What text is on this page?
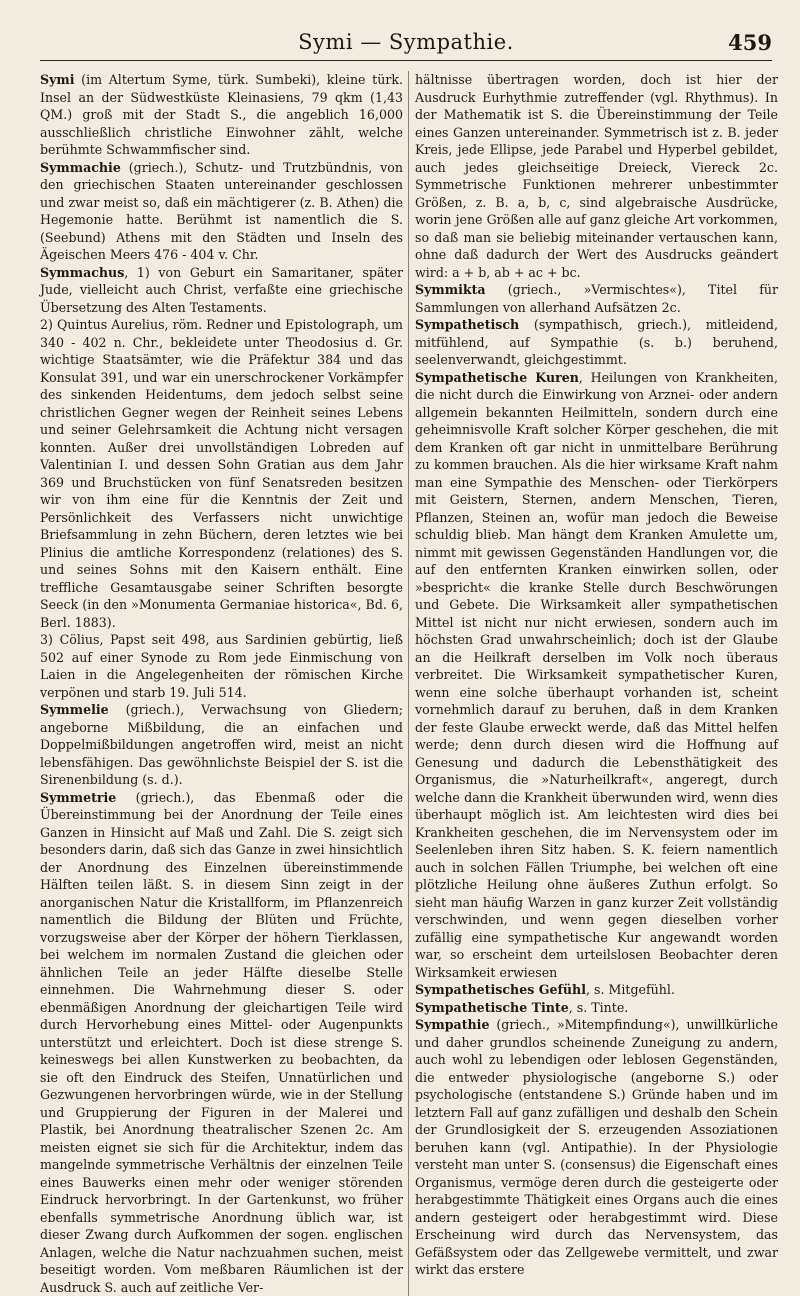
Symi — Sympathie.	459

Symi (im Altertum Syme, türk. Sumbeki), kleine türk. Insel an der Südwestküste Kleinasiens, 79 qkm (1,43 QM.) groß mit der Stadt S., die angeblich 16,000 ausschließlich christliche Einwohner zählt, welche berühmte Schwammfischer sind.

Symmachie (griech.), Schutz- und Trutzbündnis, von den griechischen Staaten untereinander geschlossen und zwar meist so, daß ein mächtigerer (z. B. Athen) die Hegemonie hatte. Berühmt ist namentlich die S. (Seebund) Athens mit den Städten und Inseln des Ägeischen Meers 476 - 404 v. Chr.

Symmachus, 1) von Geburt ein Samaritaner, später Jude, vielleicht auch Christ, verfaßte eine griechische Übersetzung des Alten Testaments.

2) Quintus Aurelius, röm. Redner und Epistolograph, um 340 - 402 n. Chr., bekleidete unter Theodosius d. Gr. wichtige Staatsämter, wie die Präfektur 384 und das Konsulat 391, und war ein unerschrockener Vorkämpfer des sinkenden Heidentums, dem jedoch selbst seine christlichen Gegner wegen der Reinheit seines Lebens und seiner Gelehrsamkeit die Achtung nicht versagen konnten. Außer drei unvollständigen Lobreden auf Valentinian I. und dessen Sohn Gratian aus dem Jahr 369 und Bruchstücken von fünf Senatsreden besitzen wir von ihm eine für die Kenntnis der Zeit und Persönlichkeit des Verfassers nicht unwichtige Briefsammlung in zehn Büchern, deren letztes wie bei Plinius die amtliche Korrespondenz (relationes) des S. und seines Sohns mit den Kaisern enthält. Eine treffliche Gesamtausgabe seiner Schriften besorgte Seeck (in den »Monumenta Germaniae historica«, Bd. 6, Berl. 1883).

3) Cölius, Papst seit 498, aus Sardinien gebürtig, ließ 502 auf einer Synode zu Rom jede Einmischung von Laien in die Angelegenheiten der römischen Kirche verpönen und starb 19. Juli 514.

Symmelie (griech.), Verwachsung von Gliedern; angeborne Mißbildung, die an einfachen und Doppelmißbildungen angetroffen wird, meist an nicht lebensfähigen. Das gewöhnlichste Beispiel der S. ist die Sirenenbildung (s. d.).

Symmetrie (griech.), das Ebenmaß oder die Übereinstimmung bei der Anordnung der Teile eines Ganzen in Hinsicht auf Maß und Zahl. Die S. zeigt sich besonders darin, daß sich das Ganze in zwei hinsichtlich der Anordnung des Einzelnen übereinstimmende Hälften teilen läßt. S. in diesem Sinn zeigt in der anorganischen Natur die Kristallform, im Pflanzenreich namentlich die Bildung der Blüten und Früchte, vorzugsweise aber der Körper der höhern Tierklassen, bei welchem im normalen Zustand die gleichen oder ähnlichen Teile an jeder Hälfte dieselbe Stelle einnehmen. Die Wahrnehmung dieser S. oder ebenmäßigen Anordnung der gleichartigen Teile wird durch Hervorhebung eines Mittel- oder Augenpunkts unterstützt und erleichtert. Doch ist diese strenge S. keineswegs bei allen Kunstwerken zu beobachten, da sie oft den Eindruck des Steifen, Unnatürlichen und Gezwungenen hervorbringen würde, wie in der Stellung und Gruppierung der Figuren in der Malerei und Plastik, bei Anordnung theatralischer Szenen 2c. Am meisten eignet sie sich für die Architektur, indem das mangelnde symmetrische Verhältnis der einzelnen Teile eines Bauwerks einen mehr oder weniger störenden Eindruck hervorbringt. In der Gartenkunst, wo früher ebenfalls symmetrische Anordnung üblich war, ist dieser Zwang durch Aufkommen der sogen. englischen Anlagen, welche die Natur nachzuahmen suchen, meist beseitigt worden. Vom meßbaren Räumlichen ist der Ausdruck S. auch auf zeitliche Ver-

hältnisse übertragen worden, doch ist hier der Ausdruck Eurhythmie zutreffender (vgl. Rhythmus). In der Mathematik ist S. die Übereinstimmung der Teile eines Ganzen untereinander. Symmetrisch ist z. B. jeder Kreis, jede Ellipse, jede Parabel und Hyperbel gebildet, auch jedes gleichseitige Dreieck, Viereck 2c. Symmetrische Funktionen mehrerer unbestimmter Größen, z. B. a, b, c, sind algebraische Ausdrücke, worin jene Größen alle auf ganz gleiche Art vorkommen, so daß man sie beliebig miteinander vertauschen kann, ohne daß dadurch der Wert des Ausdrucks geändert wird: a + b, ab + ac + bc.

Symmikta (griech., »Vermischtes«), Titel für Sammlungen von allerhand Aufsätzen 2c.

Sympathetisch (sympathisch, griech.), mitleidend, mitfühlend, auf Sympathie (s. b.) beruhend, seelenverwandt, gleichgestimmt.

Sympathetische Kuren, Heilungen von Krankheiten, die nicht durch die Einwirkung von Arznei- oder andern allgemein bekannten Heilmitteln, sondern durch eine geheimnisvolle Kraft solcher Körper geschehen, die mit dem Kranken oft gar nicht in unmittelbare Berührung zu kommen brauchen. Als die hier wirksame Kraft nahm man eine Sympathie des Menschen- oder Tierkörpers mit Geistern, Sternen, andern Menschen, Tieren, Pflanzen, Steinen an, wofür man jedoch die Beweise schuldig blieb. Man hängt dem Kranken Amulette um, nimmt mit gewissen Gegenständen Handlungen vor, die auf den entfernten Kranken einwirken sollen, oder »bespricht« die kranke Stelle durch Beschwörungen und Gebete. Die Wirksamkeit aller sympathetischen Mittel ist nicht nur nicht erwiesen, sondern auch im höchsten Grad unwahrscheinlich; doch ist der Glaube an die Heilkraft derselben im Volk noch überaus verbreitet. Die Wirksamkeit sympathetischer Kuren, wenn eine solche überhaupt vorhanden ist, scheint vornehmlich darauf zu beruhen, daß in dem Kranken der feste Glaube erweckt werde, daß das Mittel helfen werde; denn durch diesen wird die Hoffnung auf Genesung und dadurch die Lebensthätigkeit des Organismus, die »Naturheilkraft«, angeregt, durch welche dann die Krankheit überwunden wird, wenn dies überhaupt möglich ist. Am leichtesten wird dies bei Krankheiten geschehen, die im Nervensystem oder im Seelenleben ihren Sitz haben. S. K. feiern namentlich auch in solchen Fällen Triumphe, bei welchen oft eine plötzliche Heilung ohne äußeres Zuthun erfolgt. So sieht man häufig Warzen in ganz kurzer Zeit vollständig verschwinden, und wenn gegen dieselben vorher zufällig eine sympathetische Kur angewandt worden war, so erscheint dem urteilslosen Beobachter deren Wirksamkeit erwiesen

Sympathetisches Gefühl, s. Mitgefühl.

Sympathetische Tinte, s. Tinte.

Sympathie (griech., »Mitempfindung«), unwillkürliche und daher grundlos scheinende Zuneigung zu andern, auch wohl zu lebendigen oder leblosen Gegenständen, die entweder physiologische (angeborne S.) oder psychologische (entstandene S.) Gründe haben und im letztern Fall auf ganz zufälligen und deshalb den Schein der Grundlosigkeit der S. erzeugenden Assoziationen beruhen kann (vgl. Antipathie). In der Physiologie versteht man unter S. (consensus) die Eigenschaft eines Organismus, vermöge deren durch die gesteigerte oder herabgestimmte Thätigkeit eines Organs auch die eines andern gesteigert oder herabgestimmt wird. Diese Erscheinung wird durch das Nervensystem, das Gefäßsystem oder das Zellgewebe vermittelt, und zwar wirkt das erstere
